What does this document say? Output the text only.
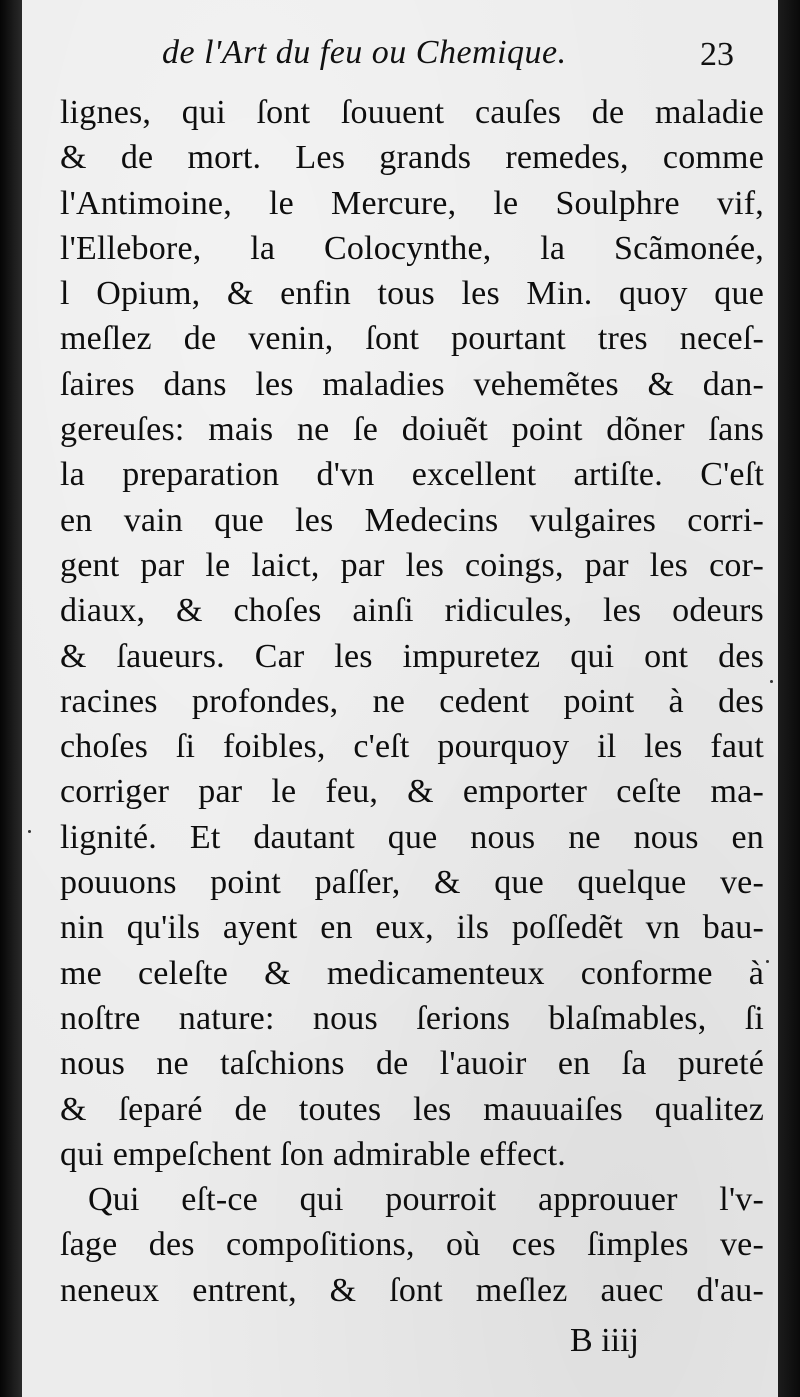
de l'Art du feu ou Chemique.	23
lignes, qui ſont ſouuent cauſes de maladie
& de mort. Les grands remedes, comme
l'Antimoine, le Mercure, le Soulphre vif,
l'Ellebore, la Colocynthe, la Scãmonée,
l Opium, & enfin tous les Min. quoy que
meſlez de venin, ſont pourtant tres neceſ-
ſaires dans les maladies vehemẽtes & dan-
gereuſes: mais ne ſe doiuẽt point dõner ſans
la preparation d'vn excellent artiſte. C'eſt
en vain que les Medecins vulgaires corri-
gent par le laict, par les coings, par les cor-
diaux, & choſes ainſi ridicules, les odeurs
& ſaueurs. Car les impuretez qui ont des
racines profondes, ne cedent point à des
choſes ſi foibles, c'eſt pourquoy il les faut
corriger par le feu, & emporter ceſte ma-
lignité. Et dautant que nous ne nous en
pouuons point paſſer, & que quelque ve-
nin qu'ils ayent en eux, ils poſſedẽt vn bau-
me celeſte & medicamenteux conforme à
noſtre nature: nous ſerions blaſmables, ſi
nous ne taſchions de l'auoir en ſa pureté
& ſeparé de toutes les mauuaiſes qualitez
qui empeſchent ſon admirable effect.
Qui eſt-ce qui pourroit approuuer l'v-
ſage des compoſitions, où ces ſimples ve-
neneux entrent, & ſont meſlez auec d'au-
B iiij
